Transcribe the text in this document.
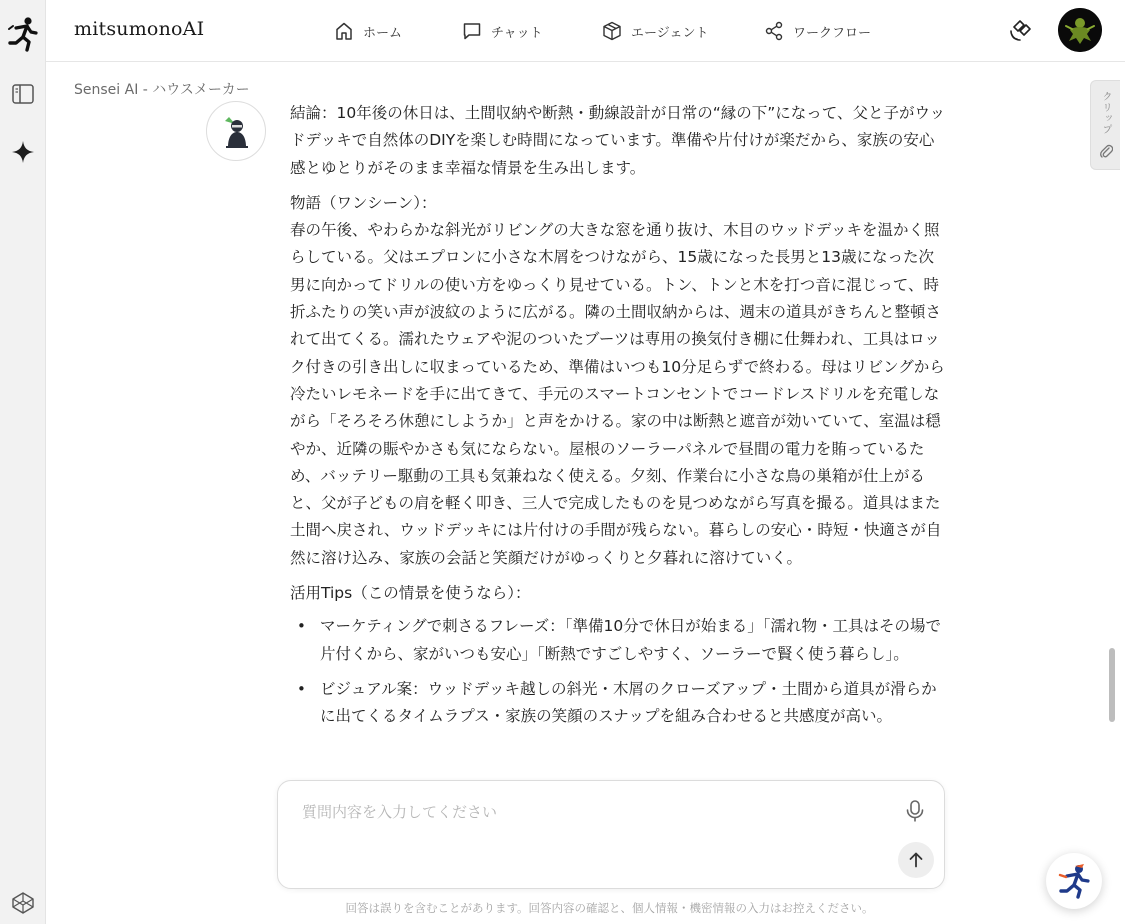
mitsumonoAI	ホーム	チャット	エージェント	ワークフロー
Sensei AI - ハウスメーカー

結論：10年後の休日は、土間収納や断熱・動線設計が日常の“縁の下”になって、父と子がウッドデッキで自然体のDIYを楽しむ時間になっています。準備や片付けが楽だから、家族の安心感とゆとりがそのまま幸福な情景を生み出します。

物語（ワンシーン）：

春の午後、やわらかな斜光がリビングの大きな窓を通り抜け、木目のウッドデッキを温かく照らしている。父はエプロンに小さな木屑をつけながら、15歳になった長男と13歳になった次男に向かってドリルの使い方をゆっくり見せている。トン、トンと木を打つ音に混じって、時折ふたりの笑い声が波紋のように広がる。隣の土間収納からは、週末の道具がきちんと整頓されて出てくる。濡れたウェアや泥のついたブーツは専用の換気付き棚に仕舞われ、工具はロック付きの引き出しに収まっているため、準備はいつも10分足らずで終わる。母はリビングから冷たいレモネードを手に出てきて、手元のスマートコンセントでコードレスドリルを充電しながら「そろそろ休憩にしようか」と声をかける。家の中は断熱と遮音が効いていて、室温は穏やか、近隣の賑やかさも気にならない。屋根のソーラーパネルで昼間の電力を賄っているため、バッテリー駆動の工具も気兼ねなく使える。夕刻、作業台に小さな鳥の巣箱が仕上がると、父が子どもの肩を軽く叩き、三人で完成したものを見つめながら写真を撮る。道具はまた土間へ戻され、ウッドデッキには片付けの手間が残らない。暮らしの安心・時短・快適さが自然に溶け込み、家族の会話と笑顔だけがゆっくりと夕暮れに溶けていく。

活用Tips（この情景を使うなら）：

• マーケティングで刺さるフレーズ：「準備10分で休日が始まる」「濡れ物・工具はその場で片付くから、家がいつも安心」「断熱ですごしやすく、ソーラーで賢く使う暮らし」。
• ビジュアル案：ウッドデッキ越しの斜光・木屑のクローズアップ・土間から道具が滑らかに出てくるタイムラプス・家族の笑顔のスナップを組み合わせると共感度が高い。
クリップ
質問内容を入力してください
回答は誤りを含むことがあります。回答内容の確認と、個人情報・機密情報の入力はお控えください。
